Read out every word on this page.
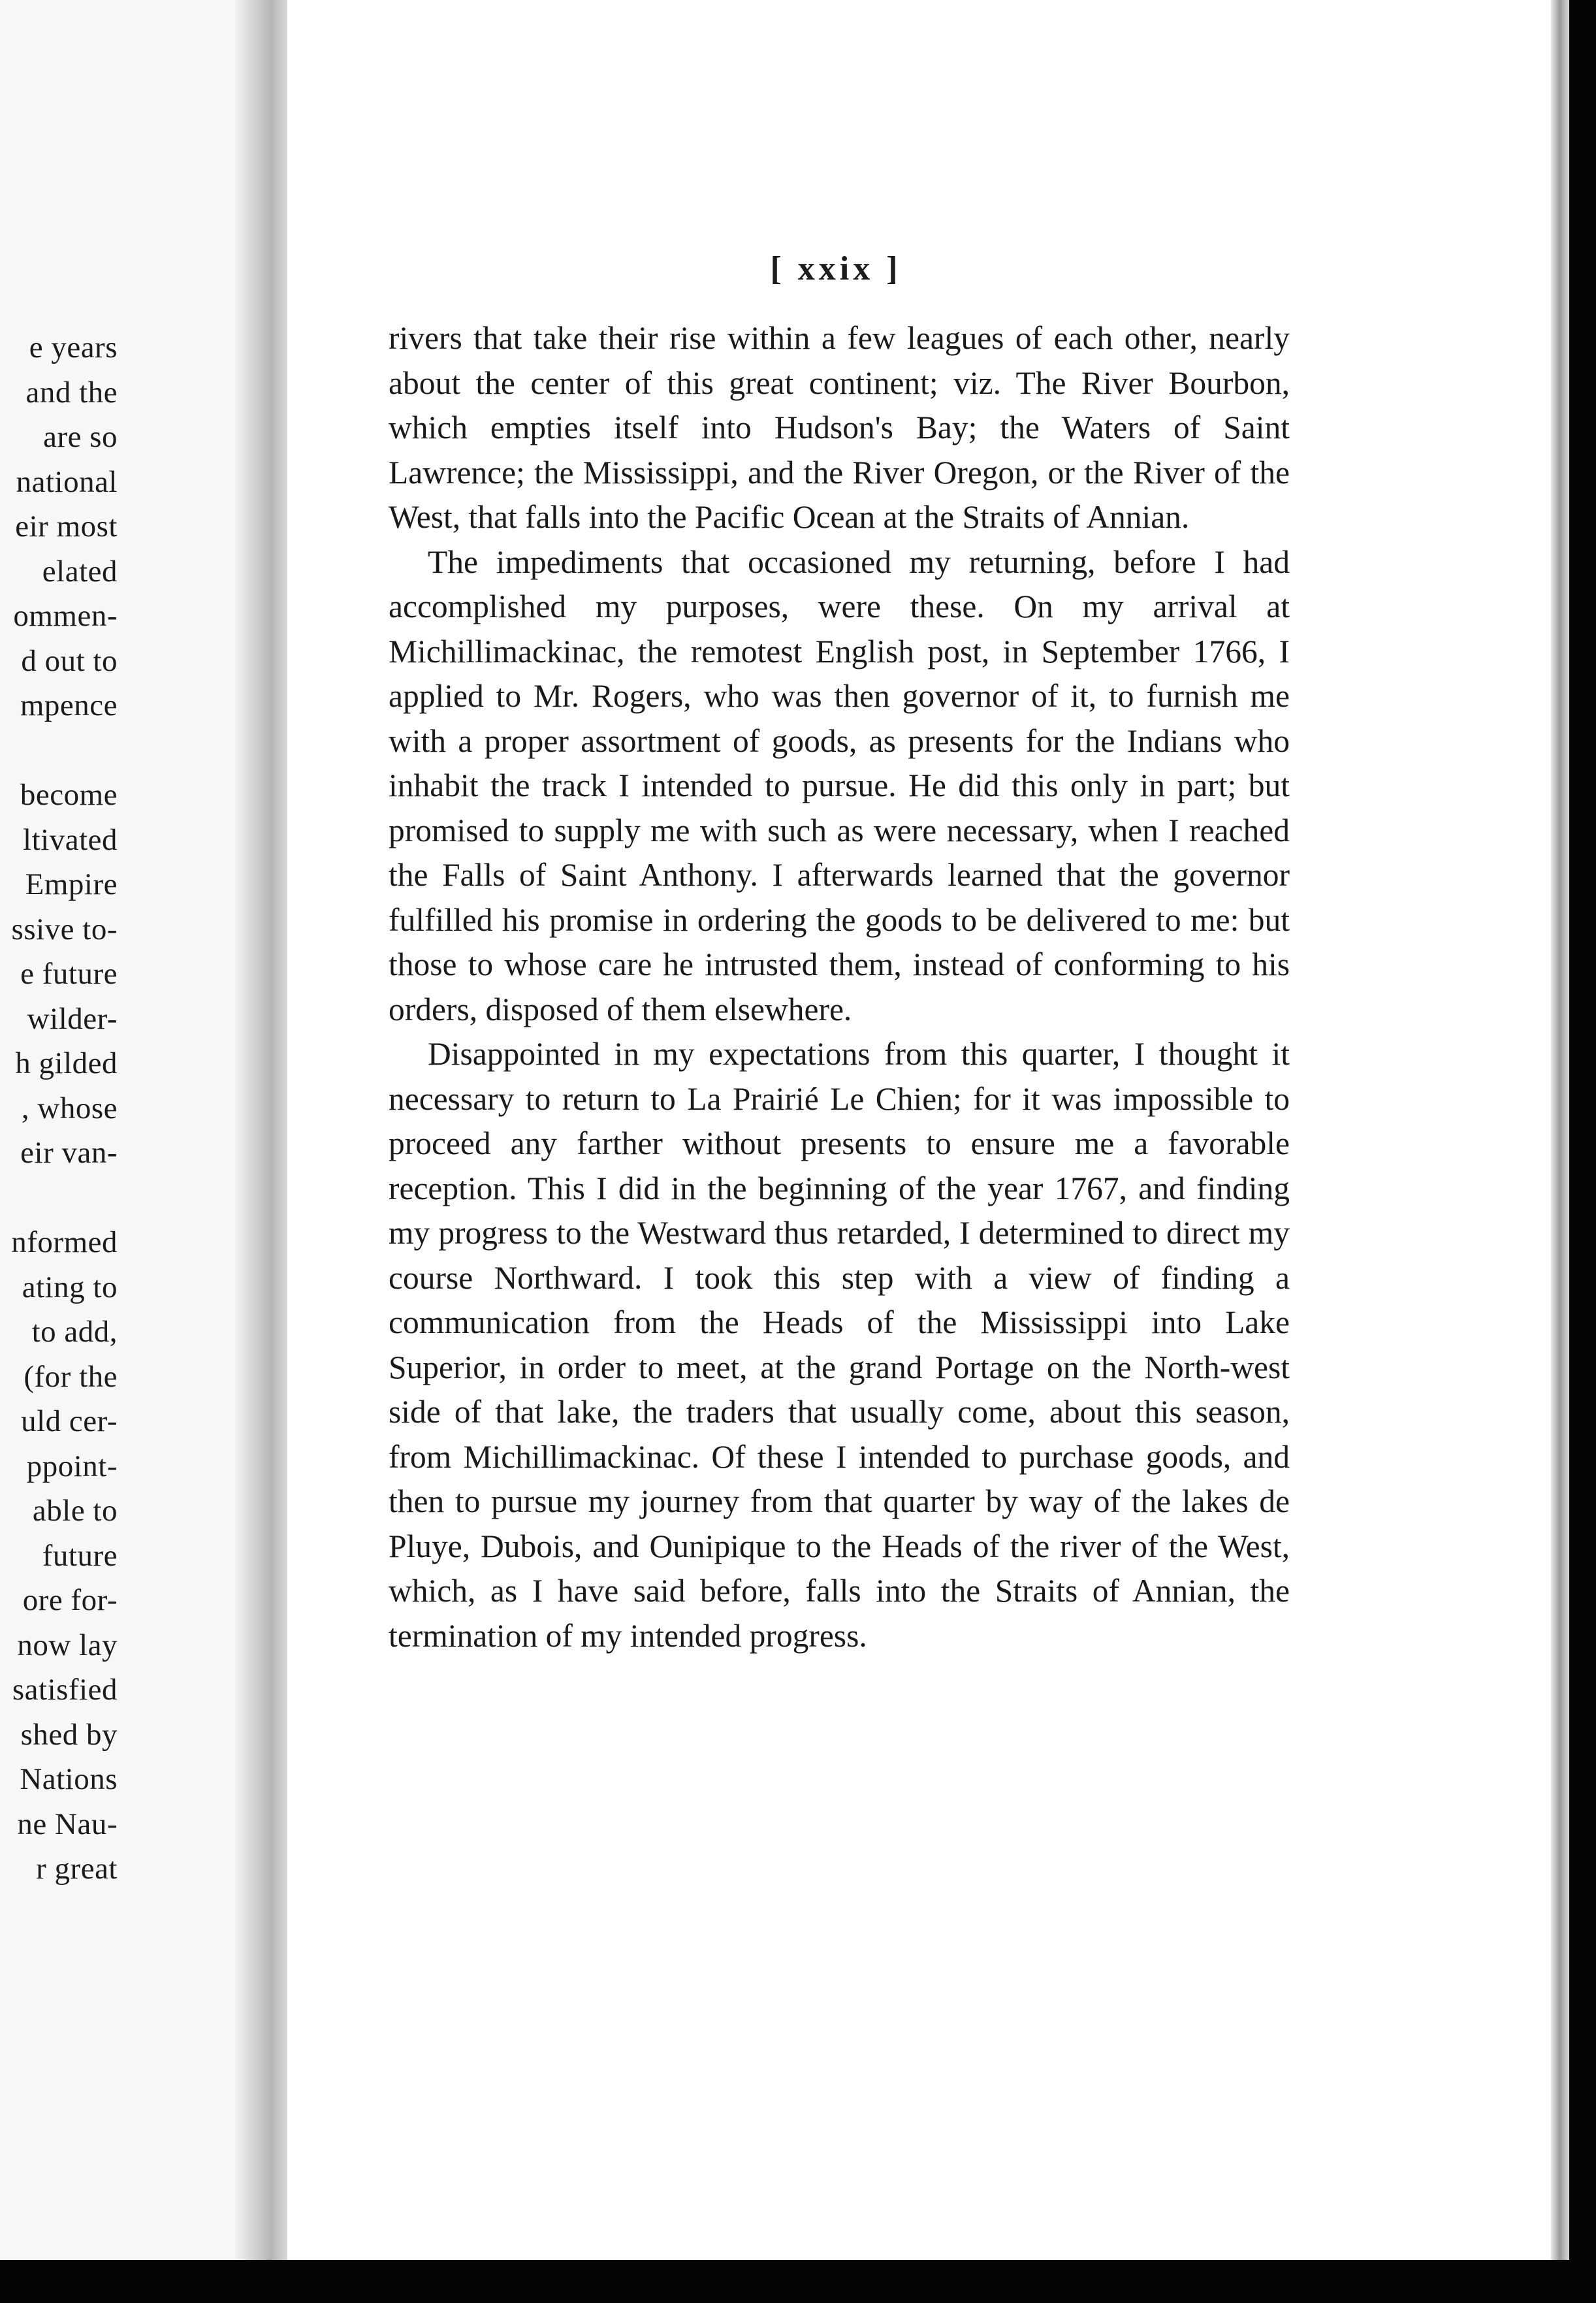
e years
and the
are so
national
eir most
elated
ommen-
d out to
mpence
become
ltivated
Empire
ssive to-
e future
wilder-
h gilded
, whose
eir van-
nformed
ating to
to add,
(for the
uld cer-
ppoint-
able to
future
ore for-
now lay
satisfied
shed by
Nations
ne Nau-
r great
[ xxix ]

rivers that take their rise within a few leagues of each other, nearly about the center of this great continent; viz. The River Bourbon, which empties itself into Hudson's Bay; the Waters of Saint Lawrence; the Mississippi, and the River Oregon, or the River of the West, that falls into the Pacific Ocean at the Straits of Annian.

The impediments that occasioned my returning, before I had accomplished my purposes, were these. On my arrival at Michillimackinac, the remotest English post, in September 1766, I applied to Mr. Rogers, who was then governor of it, to furnish me with a proper assortment of goods, as presents for the Indians who inhabit the track I intended to pursue. He did this only in part; but promised to supply me with such as were necessary, when I reached the Falls of Saint Anthony. I afterwards learned that the governor fulfilled his promise in ordering the goods to be delivered to me: but those to whose care he intrusted them, instead of conforming to his orders, disposed of them elsewhere.

Disappointed in my expectations from this quarter, I thought it necessary to return to La Prairié Le Chien; for it was impossible to proceed any farther without presents to ensure me a favorable reception. This I did in the beginning of the year 1767, and finding my progress to the Westward thus retarded, I determined to direct my course Northward. I took this step with a view of finding a communication from the Heads of the Mississippi into Lake Superior, in order to meet, at the grand Portage on the North-west side of that lake, the traders that usually come, about this season, from Michillimackinac. Of these I intended to purchase goods, and then to pursue my journey from that quarter by way of the lakes de Pluye, Dubois, and Ounipique to the Heads of the river of the West, which, as I have said before, falls into the Straits of Annian, the termination of my intended progress.
